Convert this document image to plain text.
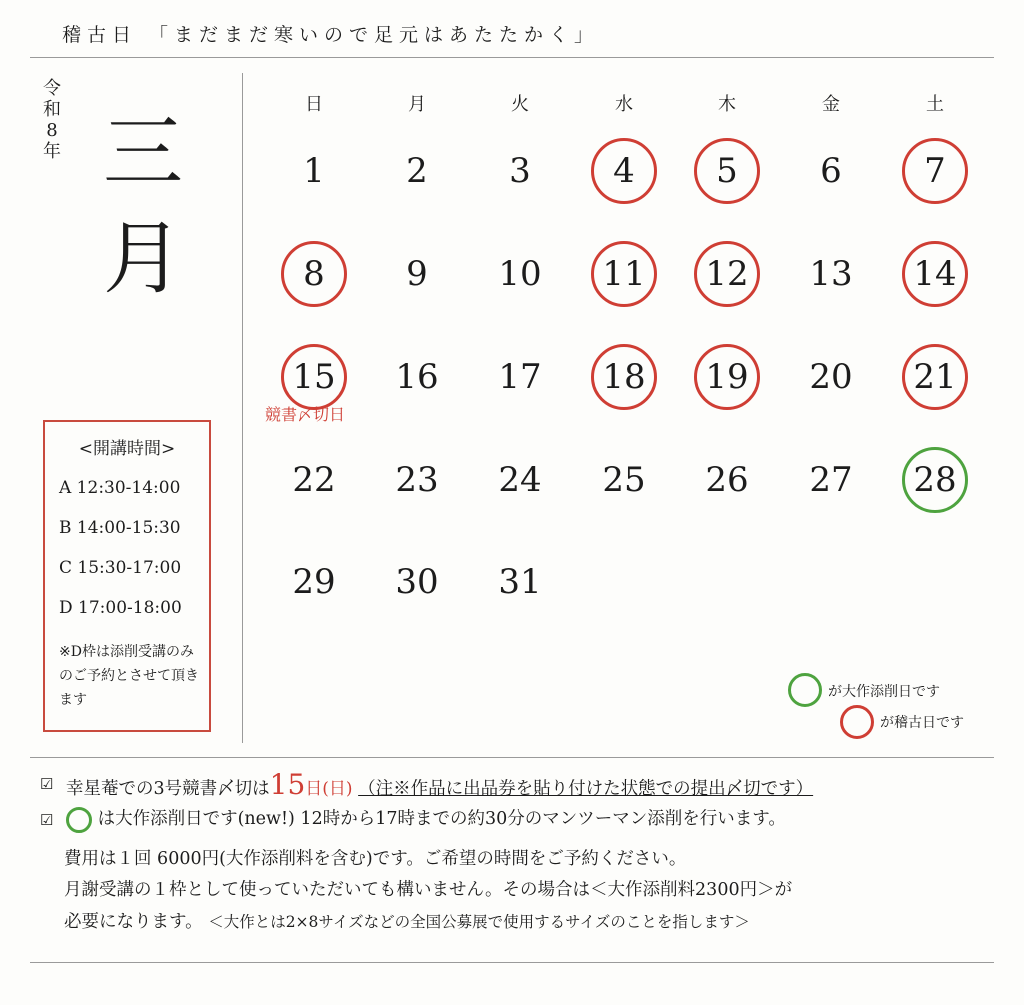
稽古日 「まだまだ寒いので足元はあたたかく」
令和8年 三月
<開講時間>
A 12:30-14:00
B 14:00-15:30
C 15:30-17:00
D 17:00-18:00
※D枠は添削受講のみのご予約とさせて頂きます
日	月	火	水	木	金	土
1	2	3	4	5	6	7
8	9	10	11	12	13	14
15	16	17	18	19	20	21
22	23	24	25	26	27	28
29	30	31
競書〆切日
が大作添削日です
が稽古日です
☑ 幸星菴での3号競書〆切は15日(日) （注※作品に出品券を貼り付けた状態での提出〆切です）
☑	は大作添削日です(new!) 12時から17時までの約30分のマンツーマン添削を行います。
費用は１回 6000円(大作添削料を含む)です。ご希望の時間をご予約ください。
月謝受講の１枠として使っていただいても構いません。その場合は＜大作添削料2300円＞が
必要になります。 ＜大作とは2×8サイズなどの全国公募展で使用するサイズのことを指します＞
